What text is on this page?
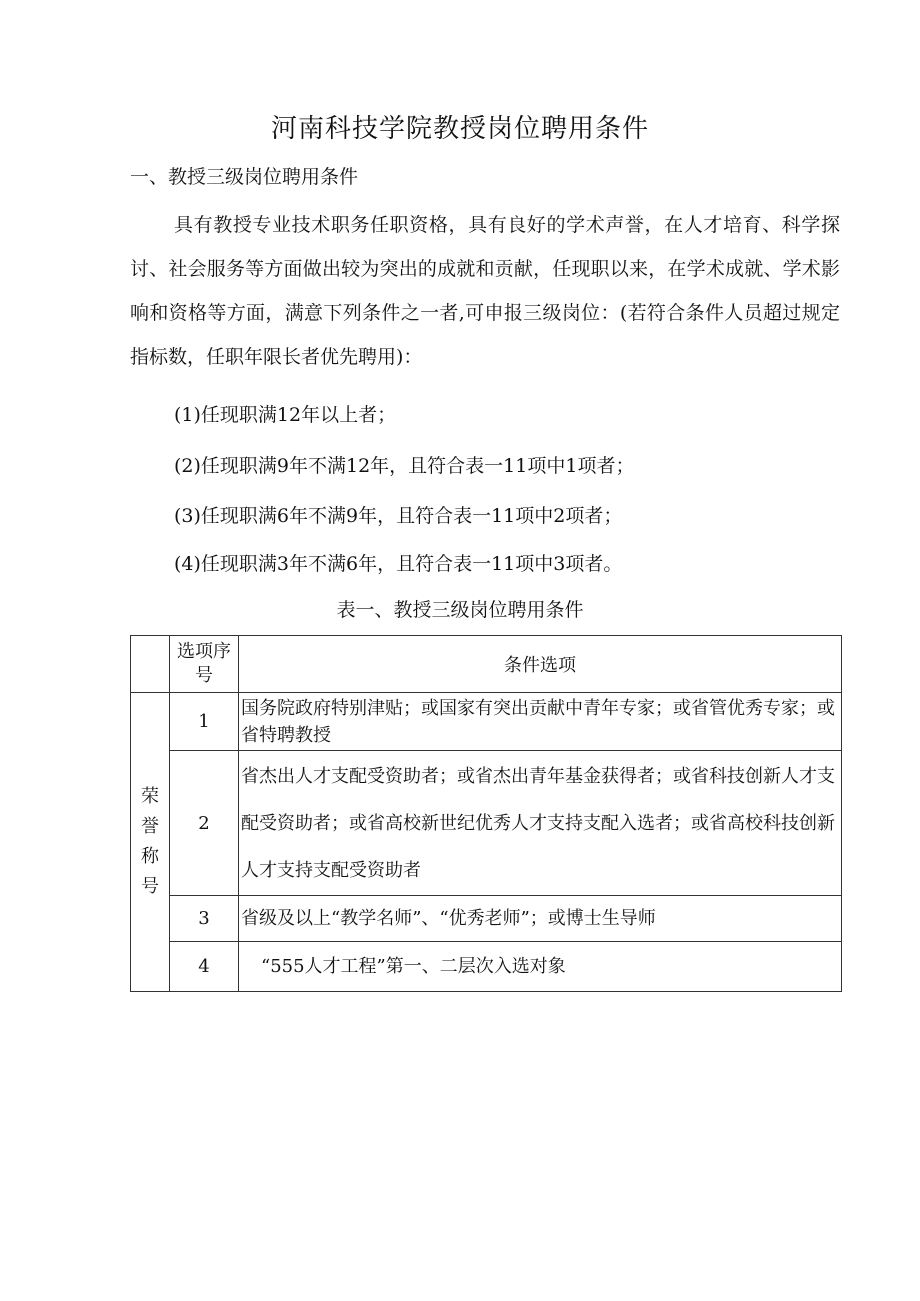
河南科技学院教授岗位聘用条件
一、教授三级岗位聘用条件

具有教授专业技术职务任职资格，具有良好的学术声誉，在人才培育、科学探讨、社会服务等方面做出较为突出的成就和贡献，任现职以来，在学术成就、学术影响和资格等方面，满意下列条件之一者,可申报三级岗位：(若符合条件人员超过规定指标数，任职年限长者优先聘用)：

(1)任现职满12年以上者；
(2)任现职满9年不满12年，且符合表一11项中1项者；
(3)任现职满6年不满9年，且符合表一11项中2项者；
(4)任现职满3年不满6年，且符合表一11项中3项者。
表一、教授三级岗位聘用条件
	选项序号	条件选项
荣誉称号	1	国务院政府特别津贴；或国家有突出贡献中青年专家；或省管优秀专家；或省特聘教授
	2	省杰出人才支配受资助者；或省杰出青年基金获得者；或省科技创新人才支配受资助者；或省高校新世纪优秀人才支持支配入选者；或省高校科技创新人才支持支配受资助者
	3	省级及以上“教学名师”、“优秀老师”；或博士生导师
	4	“555人才工程”第一、二层次入选对象
